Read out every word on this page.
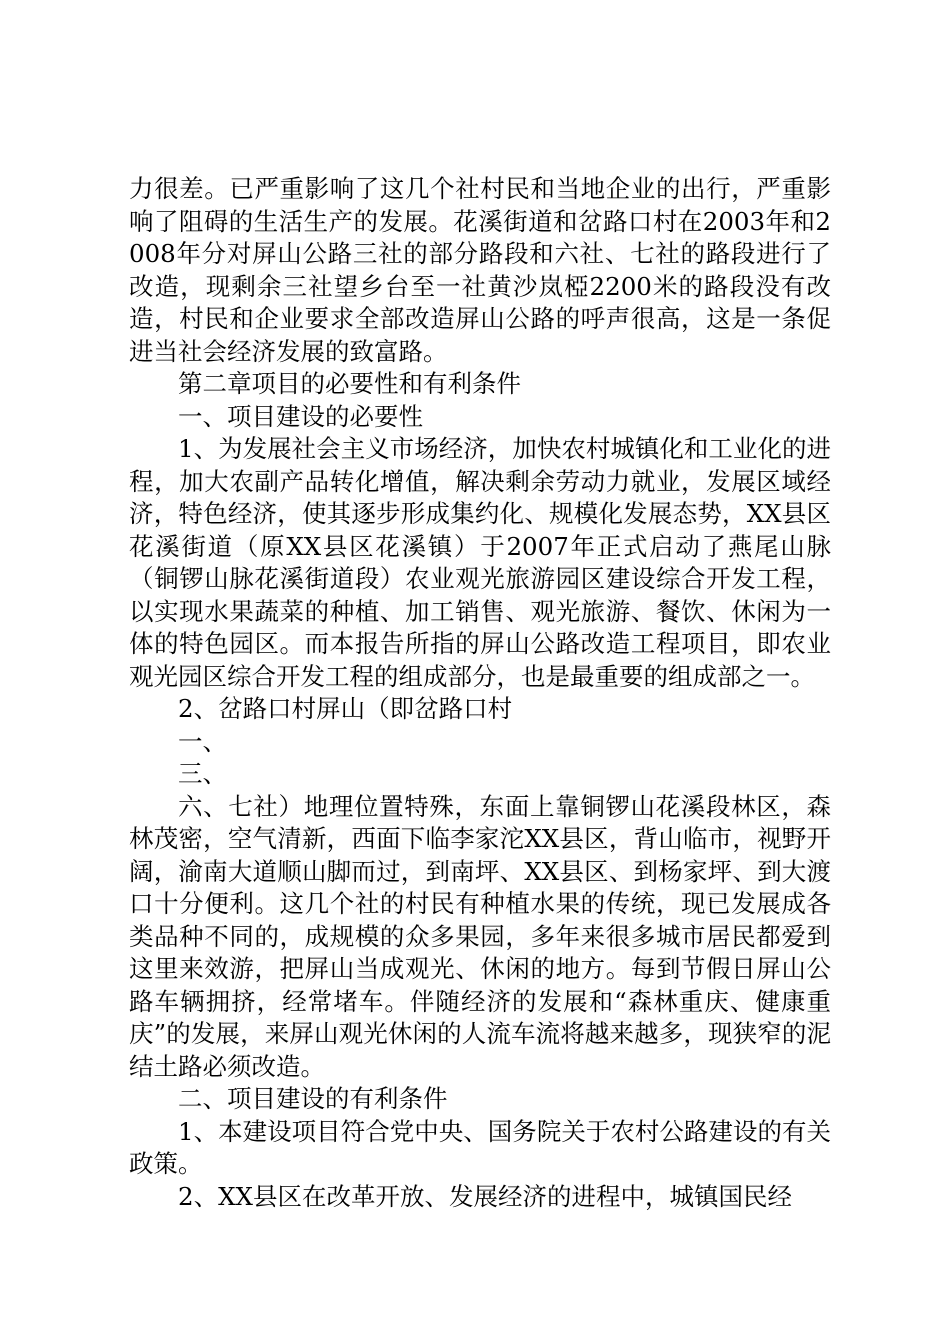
力很差。已严重影响了这几个社村民和当地企业的出行，严重影响了阻碍的生活生产的发展。花溪街道和岔路口村在2003年和2008年分对屏山公路三社的部分路段和六社、七社的路段进行了改造，现剩余三社望乡台至一社黄沙岚椏2200米的路段没有改造，村民和企业要求全部改造屏山公路的呼声很高，这是一条促进当社会经济发展的致富路。

第二章项目的必要性和有利条件

一、项目建设的必要性

1、为发展社会主义市场经济，加快农村城镇化和工业化的进程，加大农副产品转化增值，解决剩余劳动力就业，发展区域经济，特色经济，使其逐步形成集约化、规模化发展态势，XX县区花溪街道（原XX县区花溪镇）于2007年正式启动了燕尾山脉（铜锣山脉花溪街道段）农业观光旅游园区建设综合开发工程，以实现水果蔬菜的种植、加工销售、观光旅游、餐饮、休闲为一体的特色园区。而本报告所指的屏山公路改造工程项目，即农业观光园区综合开发工程的组成部分，也是最重要的组成部之一。

2、岔路口村屏山（即岔路口村

一、

三、

六、七社）地理位置特殊，东面上靠铜锣山花溪段林区，森林茂密，空气清新，西面下临李家沱XX县区，背山临市，视野开阔，渝南大道顺山脚而过，到南坪、XX县区、到杨家坪、到大渡口十分便利。这几个社的村民有种植水果的传统，现已发展成各类品种不同的，成规模的众多果园，多年来很多城市居民都爱到这里来效游，把屏山当成观光、休闲的地方。每到节假日屏山公路车辆拥挤，经常堵车。伴随经济的发展和“森林重庆、健康重庆”的发展，来屏山观光休闲的人流车流将越来越多，现狭窄的泥结土路必须改造。

二、项目建设的有利条件

1、本建设项目符合党中央、国务院关于农村公路建设的有关政策。

2、XX县区在改革开放、发展经济的进程中，城镇国民经
